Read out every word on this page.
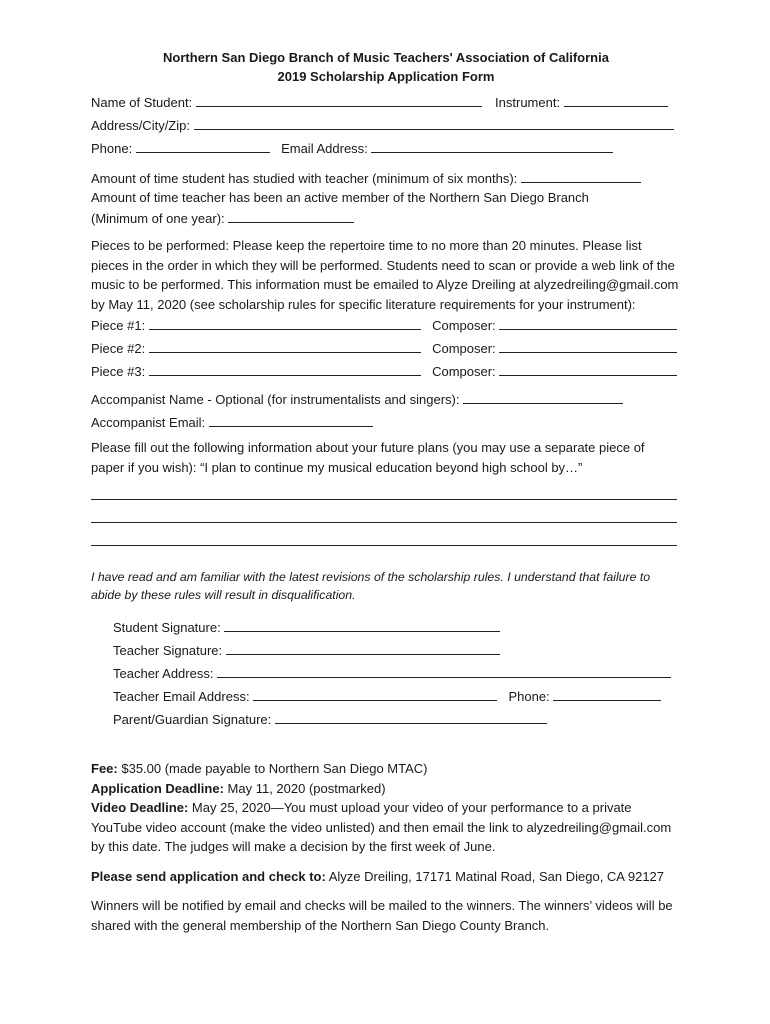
Northern San Diego Branch of Music Teachers' Association of California
2019 Scholarship Application Form
Name of Student:	Instrument:
Address/City/Zip:
Phone:	Email Address:
Amount of time student has studied with teacher (minimum of six months):
Amount of time teacher has been an active member of the Northern San Diego Branch
(Minimum of one year):
Pieces to be performed: Please keep the repertoire time to no more than 20 minutes. Please list pieces in the order in which they will be performed. Students need to scan or provide a web link of the music to be performed. This information must be emailed to Alyze Dreiling at alyzedreiling@gmail.com by May 11, 2020 (see scholarship rules for specific literature requirements for your instrument):
Piece #1:	Composer:
Piece #2:	Composer:
Piece #3:	Composer:
Accompanist Name - Optional (for instrumentalists and singers):
Accompanist Email:
Please fill out the following information about your future plans (you may use a separate piece of paper if you wish): “I plan to continue my musical education beyond high school by…”
I have read and am familiar with the latest revisions of the scholarship rules. I understand that failure to abide by these rules will result in disqualification.
Student Signature:
Teacher Signature:
Teacher Address:
Teacher Email Address:	Phone:
Parent/Guardian Signature:
Fee: $35.00 (made payable to Northern San Diego MTAC)
Application Deadline: May 11, 2020 (postmarked)
Video Deadline: May 25, 2020—You must upload your video of your performance to a private YouTube video account (make the video unlisted) and then email the link to alyzedreiling@gmail.com by this date. The judges will make a decision by the first week of June.
Please send application and check to: Alyze Dreiling, 17171 Matinal Road, San Diego, CA 92127
Winners will be notified by email and checks will be mailed to the winners. The winners’ videos will be shared with the general membership of the Northern San Diego County Branch.
